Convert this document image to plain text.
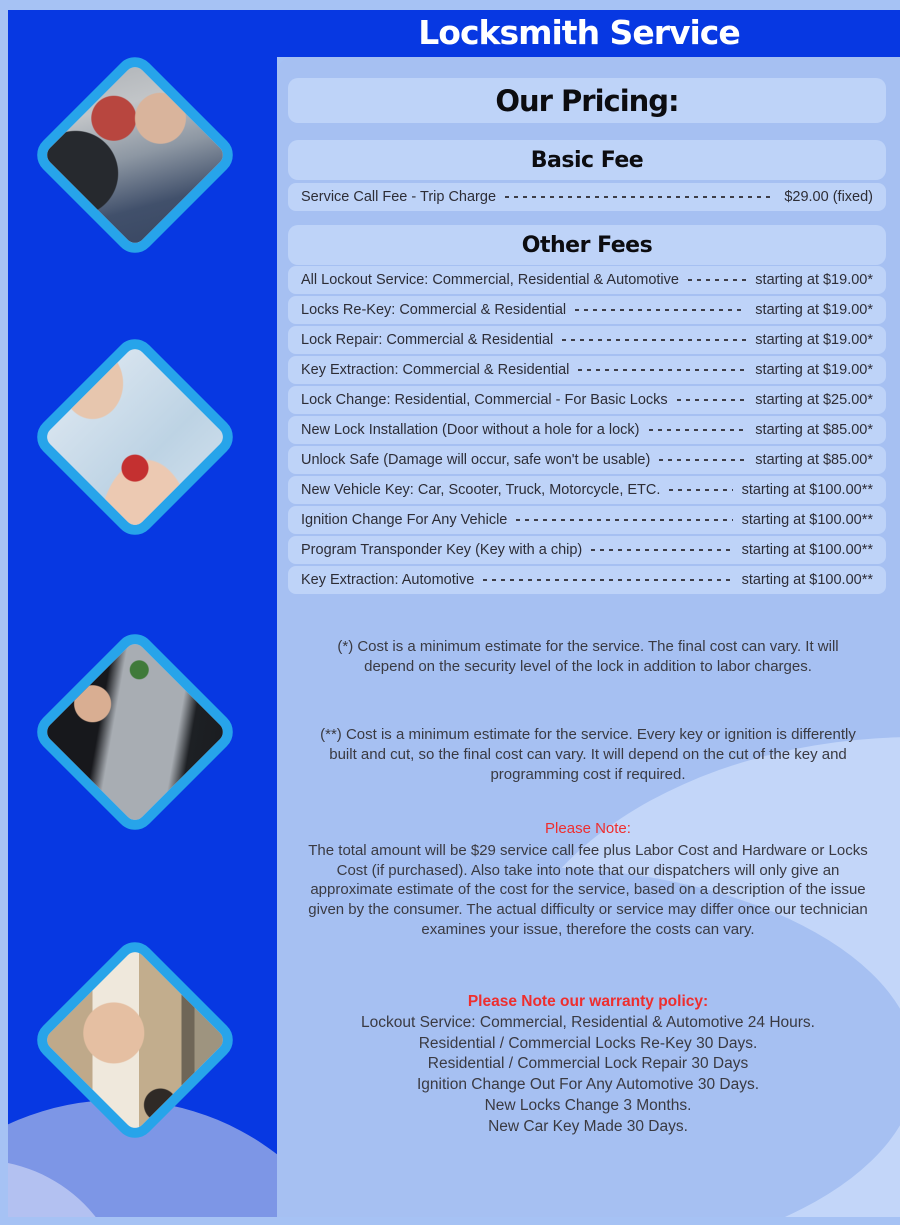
Locksmith Service
Our Pricing:
Basic Fee
Service Call Fee - Trip Charge	$29.00 (fixed)
Other Fees
All Lockout Service: Commercial, Residential & Automotive	starting at $19.00*
Locks Re-Key: Commercial & Residential	starting at $19.00*
Lock Repair: Commercial & Residential	starting at $19.00*
Key Extraction: Commercial & Residential	starting at $19.00*
Lock Change: Residential, Commercial - For Basic Locks	starting at $25.00*
New Lock Installation (Door without a hole for a lock)	starting at $85.00*
Unlock Safe (Damage will occur, safe won't be usable)	starting at $85.00*
New Vehicle Key: Car, Scooter, Truck, Motorcycle, ETC.	starting at $100.00**
Ignition Change For Any Vehicle	starting at $100.00**
Program Transponder Key (Key with a chip)	starting at $100.00**
Key Extraction: Automotive	starting at $100.00**
(*) Cost is a minimum estimate for the service. The final cost can vary. It will depend on the security level of the lock in addition to labor charges.
(**) Cost is a minimum estimate for the service. Every key or ignition is differently built and cut, so the final cost can vary. It will depend on the cut of the key and programming cost if required.
Please Note:
The total amount will be $29 service call fee plus Labor Cost and Hardware or Locks Cost (if purchased). Also take into note that our dispatchers will only give an approximate estimate of the cost for the service, based on a description of the issue given by the consumer. The actual difficulty or service may differ once our technician examines your issue, therefore the costs can vary.
Please Note our warranty policy:
Lockout Service: Commercial, Residential & Automotive 24 Hours.
Residential / Commercial Locks Re-Key 30 Days.
Residential / Commercial Lock Repair 30 Days
Ignition Change Out For Any Automotive 30 Days.
New Locks Change 3 Months.
New Car Key Made 30 Days.
